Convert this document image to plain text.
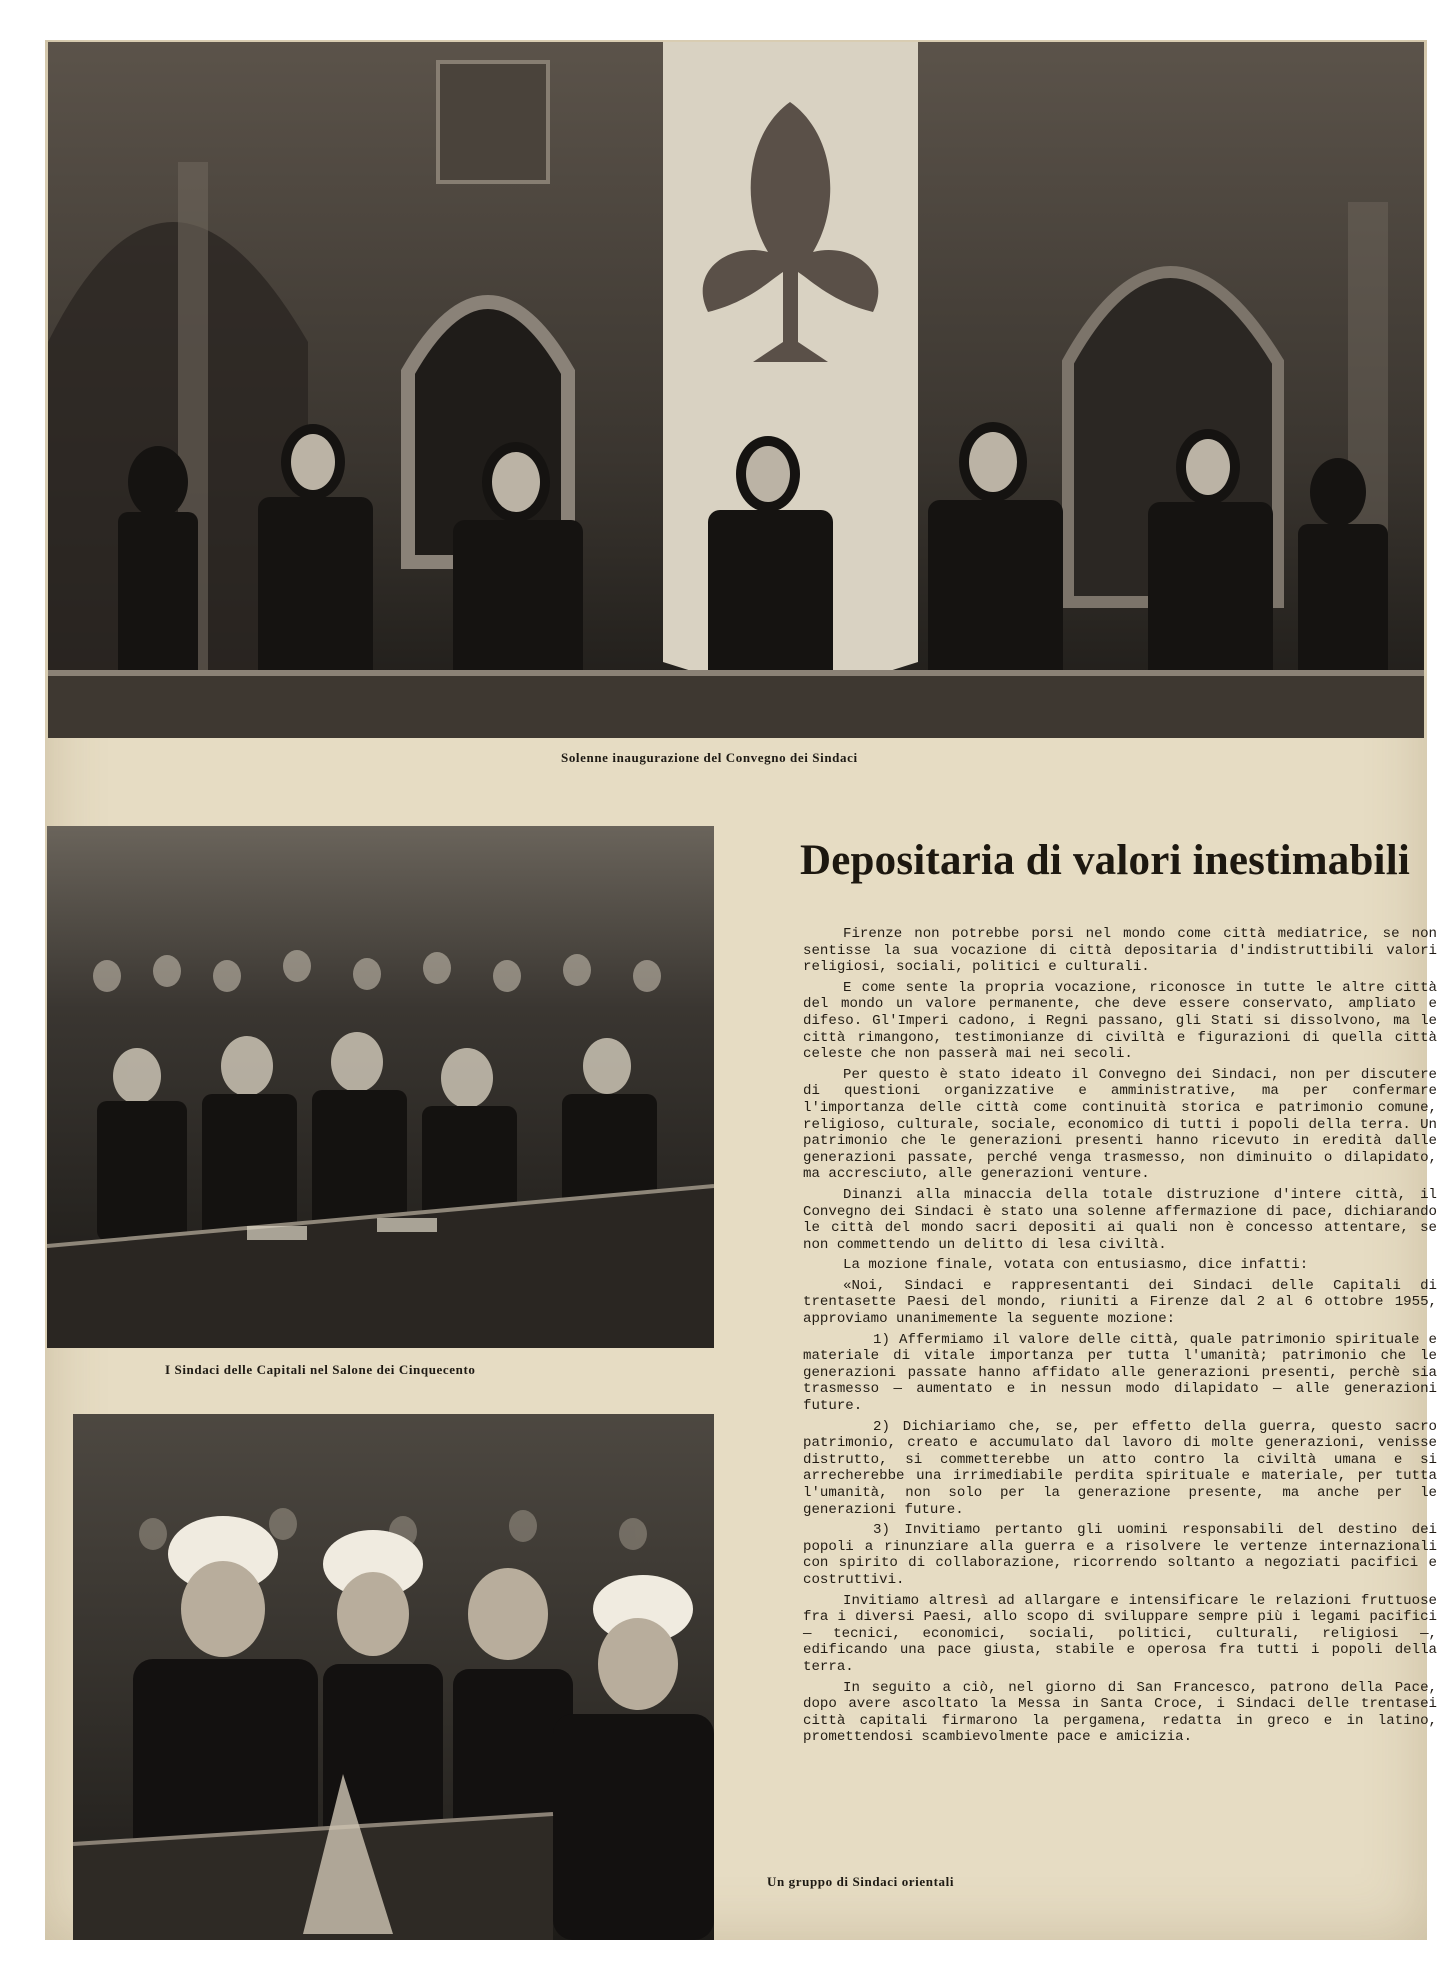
Solenne inaugurazione del Convegno dei Sindaci
I Sindaci delle Capitali nel Salone dei Cinquecento
Depositaria di valori inestimabili

Firenze non potrebbe porsi nel mondo come città mediatrice, se non sentisse la sua vocazione di città depositaria d'indistruttibili valori religiosi, sociali, politici e culturali.

E come sente la propria vocazione, riconosce in tutte le altre città del mondo un valore permanente, che deve essere conservato, ampliato e difeso. Gl'Imperi cadono, i Regni passano, gli Stati si dissolvono, ma le città rimangono, testimonianze di civiltà e figurazioni di quella città celeste che non passerà mai nei secoli.

Per questo è stato ideato il Convegno dei Sindaci, non per discutere di questioni organizzative e amministrative, ma per confermare l'importanza delle città come continuità storica e patrimonio comune, religioso, culturale, sociale, economico di tutti i popoli della terra. Un patrimonio che le generazioni presenti hanno ricevuto in eredità dalle generazioni passate, perché venga trasmesso, non diminuito o dilapidato, ma accresciuto, alle generazioni venture.

Dinanzi alla minaccia della totale distruzione d'intere città, il Convegno dei Sindaci è stato una solenne affermazione di pace, dichiarando le città del mondo sacri depositi ai quali non è concesso attentare, se non commettendo un delitto di lesa civiltà.

La mozione finale, votata con entusiasmo, dice infatti:

«Noi, Sindaci e rappresentanti dei Sindaci delle Capitali di trentasette Paesi del mondo, riuniti a Firenze dal 2 al 6 ottobre 1955, approviamo unanimemente la seguente mozione:

1) Affermiamo il valore delle città, quale patrimonio spirituale e materiale di vitale importanza per tutta l'umanità; patrimonio che le generazioni passate hanno affidato alle generazioni presenti, perchè sia trasmesso — aumentato e in nessun modo dilapidato — alle generazioni future.

2) Dichiariamo che, se, per effetto della guerra, questo sacro patrimonio, creato e accumulato dal lavoro di molte generazioni, venisse distrutto, si commetterebbe un atto contro la civiltà umana e si arrecherebbe una irrimediabile perdita spirituale e materiale, per tutta l'umanità, non solo per la generazione presente, ma anche per le generazioni future.

3) Invitiamo pertanto gli uomini responsabili del destino dei popoli a rinunziare alla guerra e a risolvere le vertenze internazionali con spirito di collaborazione, ricorrendo soltanto a negoziati pacifici e costruttivi.

Invitiamo altresì ad allargare e intensificare le relazioni fruttuose fra i diversi Paesi, allo scopo di sviluppare sempre più i legami pacifici — tecnici, economici, sociali, politici, culturali, religiosi —, edificando una pace giusta, stabile e operosa fra tutti i popoli della terra.

In seguito a ciò, nel giorno di San Francesco, patrono della Pace, dopo avere ascoltato la Messa in Santa Croce, i Sindaci delle trentasei città capitali firmarono la pergamena, redatta in greco e in latino, promettendosi scambievolmente pace e amicizia.

Un gruppo di Sindaci orientali
